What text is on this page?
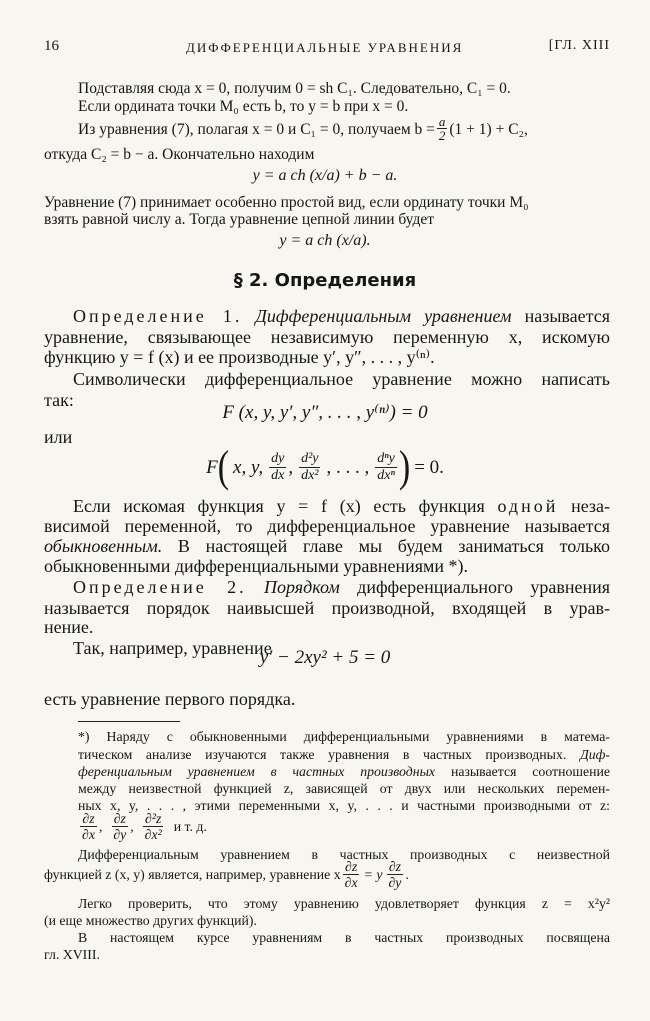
16	ДИФФЕРЕНЦИАЛЬНЫЕ УРАВНЕНИЯ	[ГЛ. XIII
Подставляя сюда x = 0, получим 0 = sh C₁. Следовательно, C₁ = 0.
Если ордината точки M₀ есть b, то y = b при x = 0.
Из уравнения (7), полагая x = 0 и C₁ = 0, получаем $b = \frac{a}{2} (1 + 1) + C_2$,
откуда C₂ = b − a. Окончательно находим
y = a ch (x/a) + b − a.
Уравнение (7) принимает особенно простой вид, если ординату точки M₀
взять равной числу a. Тогда уравнение цепной линии будет
y = a ch (x/a).
§ 2. Определения
Определение 1. Дифференциальным уравнением называется
уравнение, связывающее независимую переменную x, искомую
функцию y = f (x) и ее производные y′, y″, . . . , y⁽ⁿ⁾.
Символически дифференциальное уравнение можно написать
так:
F (x, y, y′, y″, . . . , y⁽ⁿ⁾) = 0
или
F ( x, y, $\frac{dy}{dx}$ , $\frac{\text{d²y}}{\text{dx²}}$ , . . . , $\frac{\text{dⁿy}}{\text{dxⁿ}}$ ) = 0.
Если искомая функция y = f (x) есть функция одной неза-
висимой переменной, то дифференциальное уравнение называется
обыкновенным. В настоящей главе мы будем заниматься только
обыкновенными дифференциальными уравнениями *).
Определение 2. Порядком дифференциального уравнения
называется порядок наивысшей производной, входящей в урав-
нение.
Так, например, уравнение
y′ − 2xy² + 5 = 0
есть уравнение первого порядка.
*) Наряду с обыкновенными дифференциальными уравнениями в матема-
тическом анализе изучаются также уравнения в частных производных. Диф-
ференциальным уравнением в частных производных называется соотношение
между неизвестной функцией z, зависящей от двух или нескольких перемен-
ных x, y, . . . , этими переменными x, y, . . . и частными производными от z:
$\frac{\partial z}{\partial x}$ , $\frac{\partial z}{\partial y}$ , $\frac{\text{∂²z}}{\text{∂x²}}$ и т. д.
Дифференциальным уравнением в частных производных с неизвестной
функцией z (x, y) является, например, уравнение x $\frac{\partial z}{\partial x} = y \frac{\partial z}{\partial y}$ .
Легко проверить, что этому уравнению удовлетворяет функция z = x²y²
(и еще множество других функций).
В настоящем курсе уравнениям в частных производных посвящена
гл. XVIII.
